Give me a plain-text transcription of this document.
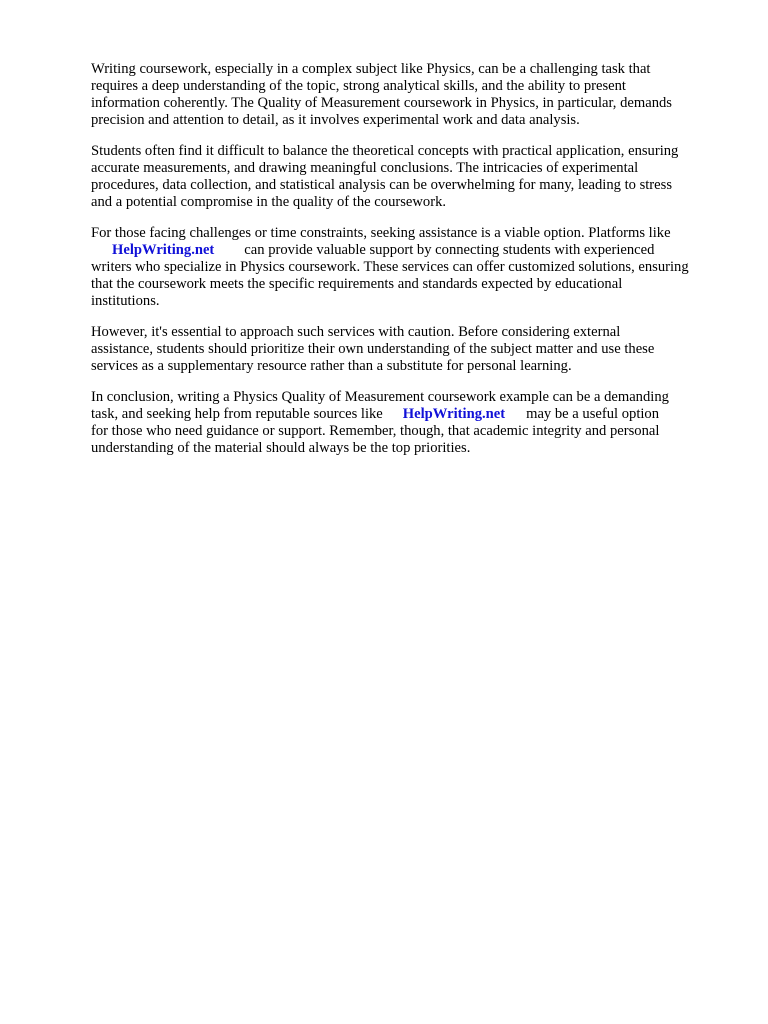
Writing coursework, especially in a complex subject like Physics, can be a challenging task that
requires a deep understanding of the topic, strong analytical skills, and the ability to present
information coherently. The Quality of Measurement coursework in Physics, in particular, demands
precision and attention to detail, as it involves experimental work and data analysis.

Students often find it difficult to balance the theoretical concepts with practical application, ensuring
accurate measurements, and drawing meaningful conclusions. The intricacies of experimental
procedures, data collection, and statistical analysis can be overwhelming for many, leading to stress
and a potential compromise in the quality of the coursework.

For those facing challenges or time constraints, seeking assistance is a viable option. Platforms like
HelpWriting.net can provide valuable support by connecting students with experienced
writers who specialize in Physics coursework. These services can offer customized solutions, ensuring
that the coursework meets the specific requirements and standards expected by educational
institutions.

However, it's essential to approach such services with caution. Before considering external
assistance, students should prioritize their own understanding of the subject matter and use these
services as a supplementary resource rather than a substitute for personal learning.

In conclusion, writing a Physics Quality of Measurement coursework example can be a demanding
task, and seeking help from reputable sources like HelpWriting.net may be a useful option
for those who need guidance or support. Remember, though, that academic integrity and personal
understanding of the material should always be the top priorities.
